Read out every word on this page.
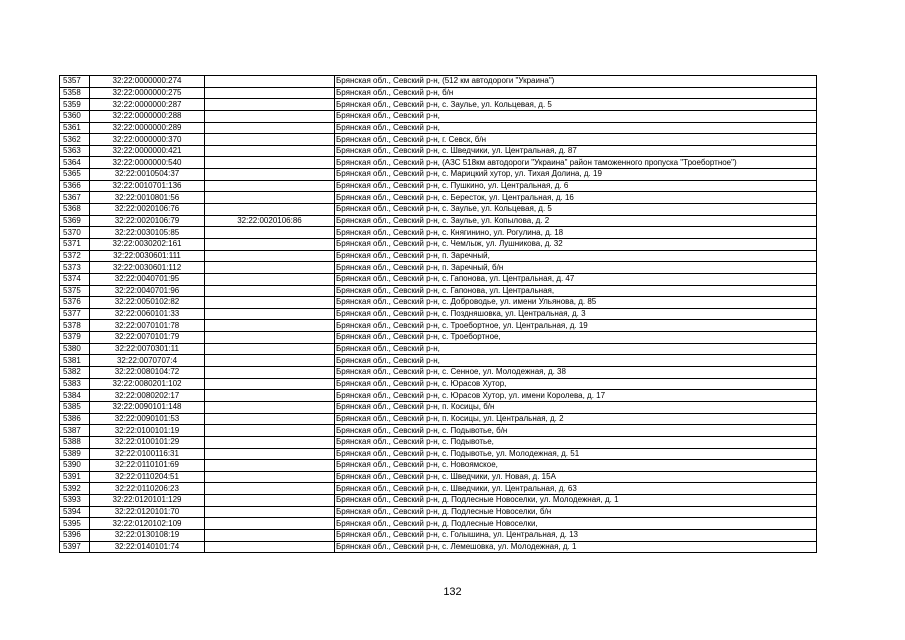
5357	32:22:0000000:274		Брянская обл., Севский р-н, (512 км автодороги "Украина")
5358	32:22:0000000:275		Брянская обл., Севский р-н, б/н
5359	32:22:0000000:287		Брянская обл., Севский р-н, с. Заулье, ул. Кольцевая, д. 5
5360	32:22:0000000:288		Брянская обл., Севский р-н,
5361	32:22:0000000:289		Брянская обл., Севский р-н,
5362	32:22:0000000:370		Брянская обл., Севский р-н, г. Севск, б/н
5363	32:22:0000000:421		Брянская обл., Севский р-н, с. Шведчики, ул. Центральная, д. 87
5364	32:22:0000000:540		Брянская обл., Севский р-н, (АЗС 518км автодороги "Украина" район таможенного пропуска "Троебортное")
5365	32:22:0010504:37		Брянская обл., Севский р-н, с. Марицкий хутор, ул. Тихая Долина, д. 19
5366	32:22:0010701:136		Брянская обл., Севский р-н, с. Пушкино, ул. Центральная, д. 6
5367	32:22:0010801:56		Брянская обл., Севский р-н, с. Бересток, ул. Центральная, д. 16
5368	32:22:0020106:76		Брянская обл., Севский р-н, с. Заулье, ул. Кольцевая, д. 5
5369	32:22:0020106:79	32:22:0020106:86	Брянская обл., Севский р-н, с. Заулье, ул. Копылова, д. 2
5370	32:22:0030105:85		Брянская обл., Севский р-н, с. Княгинино, ул. Рогулина, д. 18
5371	32:22:0030202:161		Брянская обл., Севский р-н, с. Чемлыж, ул. Лушникова, д. 32
5372	32:22:0030601:111		Брянская обл., Севский р-н, п. Заречный,
5373	32:22:0030601:112		Брянская обл., Севский р-н, п. Заречный, б/н
5374	32:22:0040701:95		Брянская обл., Севский р-н, с. Гапонова, ул. Центральная, д. 47
5375	32:22:0040701:96		Брянская обл., Севский р-н, с. Гапонова, ул. Центральная,
5376	32:22:0050102:82		Брянская обл., Севский р-н, с. Доброводье, ул. имени Ульянова, д. 85
5377	32:22:0060101:33		Брянская обл., Севский р-н, с. Поздняшовка, ул. Центральная, д. 3
5378	32:22:0070101:78		Брянская обл., Севский р-н, с. Троебортное, ул. Центральная, д. 19
5379	32:22:0070101:79		Брянская обл., Севский р-н, с. Троебортное,
5380	32:22:0070301:11		Брянская обл., Севский р-н,
5381	32:22:0070707:4		Брянская обл., Севский р-н,
5382	32:22:0080104:72		Брянская обл., Севский р-н, с. Сенное, ул. Молодежная, д. 38
5383	32:22:0080201:102		Брянская обл., Севский р-н, с. Юрасов Хутор,
5384	32:22:0080202:17		Брянская обл., Севский р-н, с. Юрасов Хутор, ул. имени Королева, д. 17
5385	32:22:0090101:148		Брянская обл., Севский р-н, п. Косицы, б/н
5386	32:22:0090101:53		Брянская обл., Севский р-н, п. Косицы, ул. Центральная, д. 2
5387	32:22:0100101:19		Брянская обл., Севский р-н, с. Подывотье, б/н
5388	32:22:0100101:29		Брянская обл., Севский р-н, с. Подывотье,
5389	32:22:0100116:31		Брянская обл., Севский р-н, с. Подывотье, ул. Молодежная, д. 51
5390	32:22:0110101:69		Брянская обл., Севский р-н, с. Новоямское,
5391	32:22:0110204:51		Брянская обл., Севский р-н, с. Шведчики, ул. Новая, д. 15А
5392	32:22:0110206:23		Брянская обл., Севский р-н, с. Шведчики, ул. Центральная, д. 63
5393	32:22:0120101:129		Брянская обл., Севский р-н, д. Подлесные Новоселки, ул. Молодежная, д. 1
5394	32:22:0120101:70		Брянская обл., Севский р-н, д. Подлесные Новоселки, б/н
5395	32:22:0120102:109		Брянская обл., Севский р-н, д. Подлесные Новоселки,
5396	32:22:0130108:19		Брянская обл., Севский р-н, с. Голышина, ул. Центральная, д. 13
5397	32:22:0140101:74		Брянская обл., Севский р-н, с. Лемешовка, ул. Молодежная, д. 1
132
